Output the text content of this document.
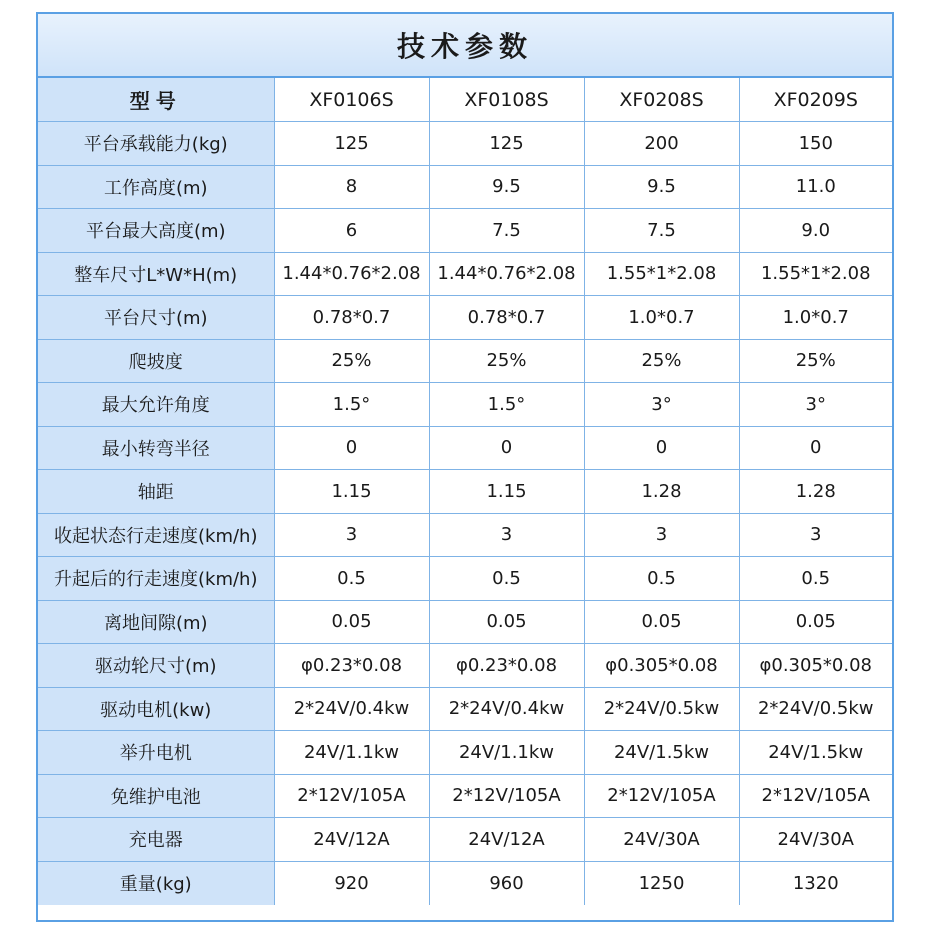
技术参数
型号	XF0106S	XF0108S	XF0208S	XF0209S
平台承载能力(kg)	125	125	200	150
工作高度(m)	8	9.5	9.5	11.0
平台最大高度(m)	6	7.5	7.5	9.0
整车尺寸L*W*H(m)	1.44*0.76*2.08	1.44*0.76*2.08	1.55*1*2.08	1.55*1*2.08
平台尺寸(m)	0.78*0.7	0.78*0.7	1.0*0.7	1.0*0.7
爬坡度	25%	25%	25%	25%
最大允许角度	1.5°	1.5°	3°	3°
最小转弯半径	0	0	0	0
轴距	1.15	1.15	1.28	1.28
收起状态行走速度(km/h)	3	3	3	3
升起后的行走速度(km/h)	0.5	0.5	0.5	0.5
离地间隙(m)	0.05	0.05	0.05	0.05
驱动轮尺寸(m)	φ0.23*0.08	φ0.23*0.08	φ0.305*0.08	φ0.305*0.08
驱动电机(kw)	2*24V/0.4kw	2*24V/0.4kw	2*24V/0.5kw	2*24V/0.5kw
举升电机	24V/1.1kw	24V/1.1kw	24V/1.5kw	24V/1.5kw
免维护电池	2*12V/105A	2*12V/105A	2*12V/105A	2*12V/105A
充电器	24V/12A	24V/12A	24V/30A	24V/30A
重量(kg)	920	960	1250	1320
